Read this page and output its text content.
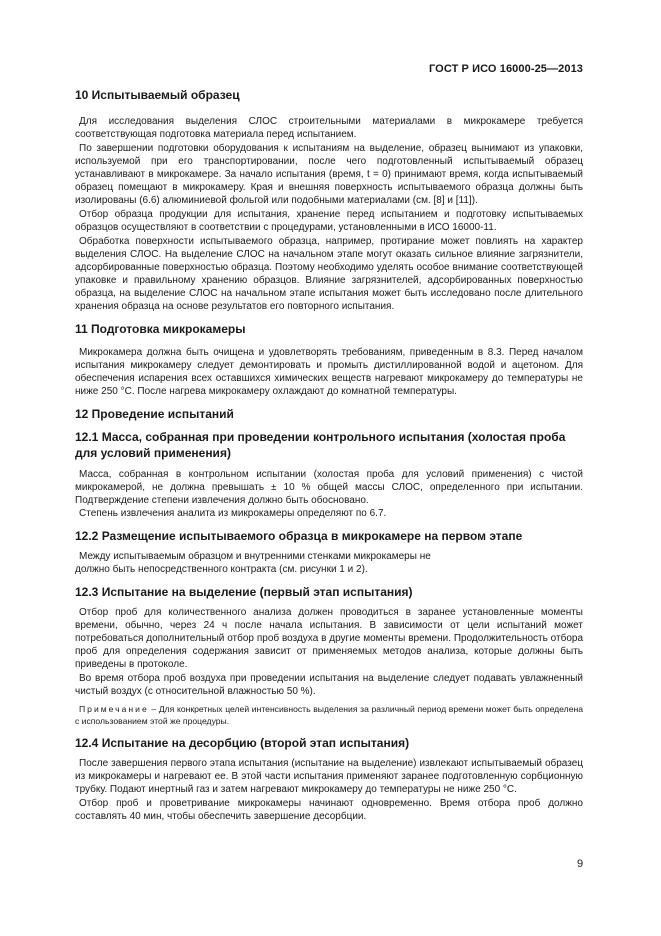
ГОСТ Р ИСО 16000-25—2013
10 Испытываемый образец

Для исследования выделения СЛОС строительными материалами в микрокамере требуется соответствующая подготовка материала перед испытанием.

По завершении подготовки оборудования к испытаниям на выделение, образец вынимают из упаковки, используемой при его транспортировании, после чего подготовленный испытываемый образец устанавливают в микрокамере. За начало испытания (время, t = 0) принимают время, когда испытываемый образец помещают в микрокамеру. Края и внешняя поверхность испытываемого образца должны быть изолированы (6.6) алюминиевой фольгой или подобными материалами (см. [8] и [11]).

Отбор образца продукции для испытания, хранение перед испытанием и подготовку испытываемых образцов осуществляют в соответствии с процедурами, установленными в ИСО 16000-11.

Обработка поверхности испытываемого образца, например, протирание может повлиять на характер выделения СЛОС. На выделение СЛОС на начальном этапе могут оказать сильное влияние загрязнители, адсорбированные поверхностью образца. Поэтому необходимо уделять особое внимание соответствующей упаковке и правильному хранению образцов. Влияние загрязнителей, адсорбированных поверхностью образца, на выделение СЛОС на начальном этапе испытания может быть исследовано после длительного хранения образца на основе результатов его повторного испытания.

11 Подготовка микрокамеры

Микрокамера должна быть очищена и удовлетворять требованиям, приведенным в 8.3. Перед началом испытания микрокамеру следует демонтировать и промыть дистиллированной водой и ацетоном. Для обеспечения испарения всех оставшихся химических веществ нагревают микрокамеру до температуры не ниже 250 °С. После нагрева микрокамеру охлаждают до комнатной температуры.

12 Проведение испытаний
12.1 Масса, собранная при проведении контрольного испытания (холостая проба для условий применения)

Масса, собранная в контрольном испытании (холостая проба для условий применения) с чистой микрокамерой, не должна превышать ± 10 % общей массы СЛОС, определенного при испытании. Подтверждение степени извлечения должно быть обосновано.

Степень извлечения аналита из микрокамеры определяют по 6.7.

12.2 Размещение испытываемого образца в микрокамере на первом этапе

Между испытываемым образцом и внутренними стенками микрокамеры не

должно быть непосредственного контракта (см. рисунки 1 и 2).

12.3 Испытание на выделение (первый этап испытания)

Отбор проб для количественного анализа должен проводиться в заранее установленные моменты времени, обычно, через 24 ч после начала испытания. В зависимости от цели испытаний может потребоваться дополнительный отбор проб воздуха в другие моменты времени. Продолжительность отбора проб для определения содержания зависит от применяемых методов анализа, которые должны быть приведены в протоколе.

Во время отбора проб воздуха при проведении испытания на выделение следует подавать увлажненный чистый воздух (с относительной влажностью 50 %).

Примечание – Для конкретных целей интенсивность выделения за различный период времени может быть определена с использованием этой же процедуры.

12.4 Испытание на десорбцию (второй этап испытания)

После завершения первого этапа испытания (испытание на выделение) извлекают испытываемый образец из микрокамеры и нагревают ее. В этой части испытания применяют заранее подготовленную сорбционную трубку. Подают инертный газ и затем нагревают микрокамеру до температуры не ниже 250 °С.

Отбор проб и проветривание микрокамеры начинают одновременно. Время отбора проб должно составлять 40 мин, чтобы обеспечить завершение десорбции.

9
